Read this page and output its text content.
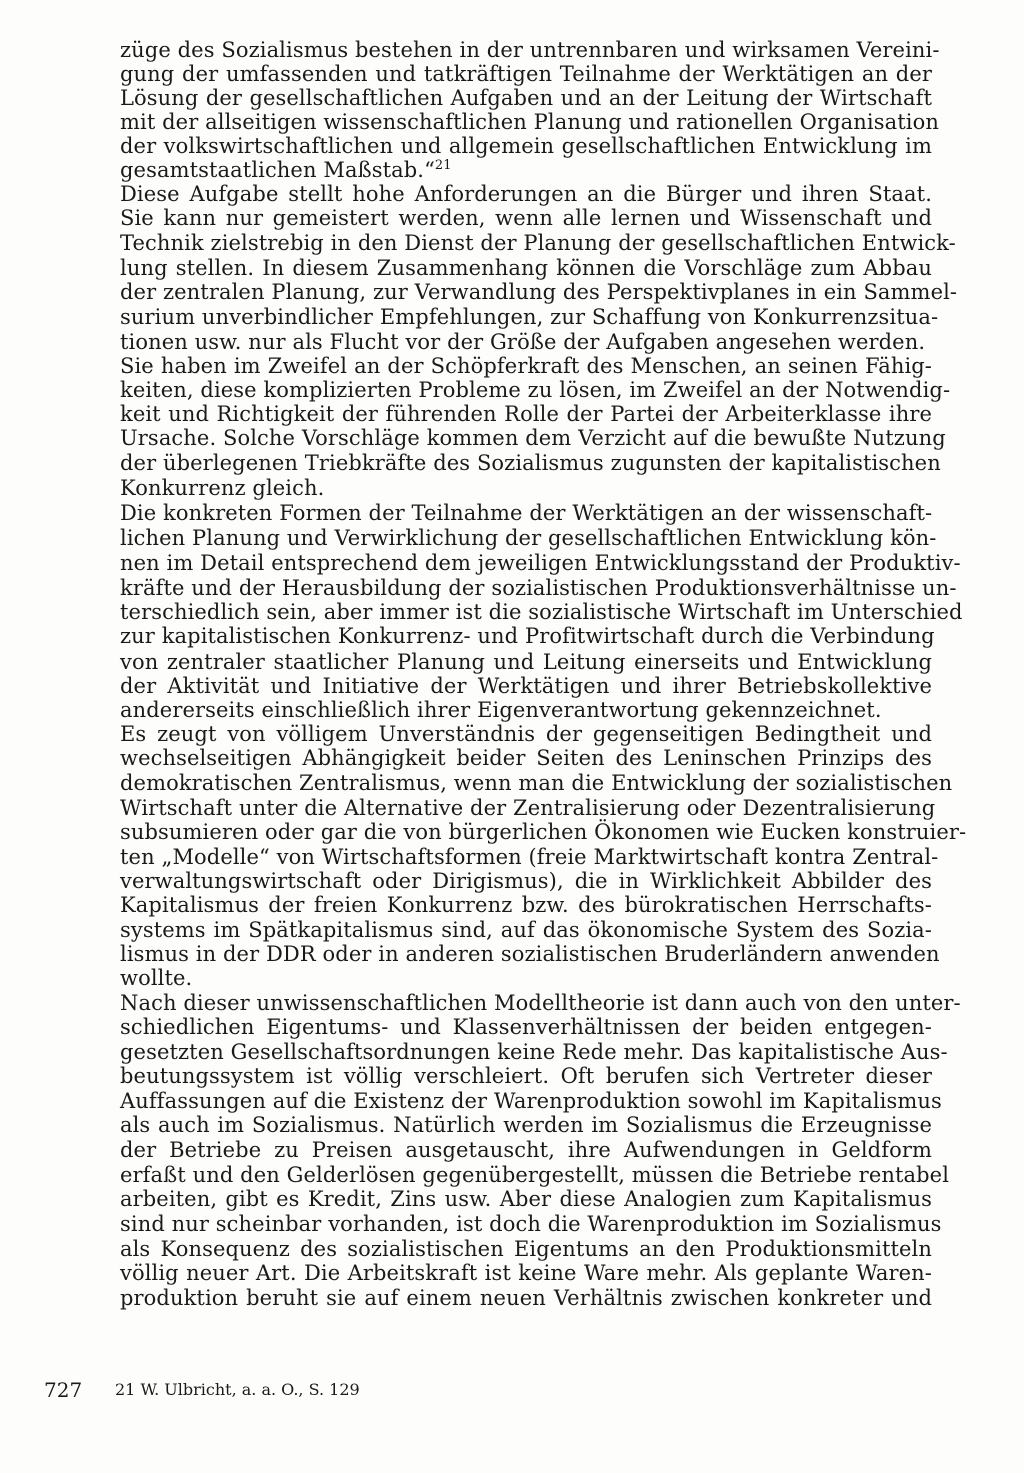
züge des Sozialismus bestehen in der untrennbaren und wirksamen Vereini-
gung der umfassenden und tatkräftigen Teilnahme der Werktätigen an der
Lösung der gesellschaftlichen Aufgaben und an der Leitung der Wirtschaft
mit der allseitigen wissenschaftlichen Planung und rationellen Organisation
der volkswirtschaftlichen und allgemein gesellschaftlichen Entwicklung im
gesamtstaatlichen Maßstab.“$^{21}$
Diese Aufgabe stellt hohe Anforderungen an die Bürger und ihren Staat.
Sie kann nur gemeistert werden, wenn alle lernen und Wissenschaft und
Technik zielstrebig in den Dienst der Planung der gesellschaftlichen Entwick-
lung stellen. In diesem Zusammenhang können die Vorschläge zum Abbau
der zentralen Planung, zur Verwandlung des Perspektivplanes in ein Sammel-
surium unverbindlicher Empfehlungen, zur Schaffung von Konkurrenzsitua-
tionen usw. nur als Flucht vor der Größe der Aufgaben angesehen werden.
Sie haben im Zweifel an der Schöpferkraft des Menschen, an seinen Fähig-
keiten, diese komplizierten Probleme zu lösen, im Zweifel an der Notwendig-
keit und Richtigkeit der führenden Rolle der Partei der Arbeiterklasse ihre
Ursache. Solche Vorschläge kommen dem Verzicht auf die bewußte Nutzung
der überlegenen Triebkräfte des Sozialismus zugunsten der kapitalistischen
Konkurrenz gleich.
Die konkreten Formen der Teilnahme der Werktätigen an der wissenschaft-
lichen Planung und Verwirklichung der gesellschaftlichen Entwicklung kön-
nen im Detail entsprechend dem jeweiligen Entwicklungsstand der Produktiv-
kräfte und der Herausbildung der sozialistischen Produktionsverhältnisse un-
terschiedlich sein, aber immer ist die sozialistische Wirtschaft im Unterschied
zur kapitalistischen Konkurrenz- und Profitwirtschaft durch die Verbindung
von zentraler staatlicher Planung und Leitung einerseits und Entwicklung
der Aktivität und Initiative der Werktätigen und ihrer Betriebskollektive
andererseits einschließlich ihrer Eigenverantwortung gekennzeichnet.
Es zeugt von völligem Unverständnis der gegenseitigen Bedingtheit und
wechselseitigen Abhängigkeit beider Seiten des Leninschen Prinzips des
demokratischen Zentralismus, wenn man die Entwicklung der sozialistischen
Wirtschaft unter die Alternative der Zentralisierung oder Dezentralisierung
subsumieren oder gar die von bürgerlichen Ökonomen wie Eucken konstruier-
ten „Modelle“ von Wirtschaftsformen (freie Marktwirtschaft kontra Zentral-
verwaltungswirtschaft oder Dirigismus), die in Wirklichkeit Abbilder des
Kapitalismus der freien Konkurrenz bzw. des bürokratischen Herrschafts-
systems im Spätkapitalismus sind, auf das ökonomische System des Sozia-
lismus in der DDR oder in anderen sozialistischen Bruderländern anwenden
wollte.
Nach dieser unwissenschaftlichen Modelltheorie ist dann auch von den unter-
schiedlichen Eigentums- und Klassenverhältnissen der beiden entgegen-
gesetzten Gesellschaftsordnungen keine Rede mehr. Das kapitalistische Aus-
beutungssystem ist völlig verschleiert. Oft berufen sich Vertreter dieser
Auffassungen auf die Existenz der Warenproduktion sowohl im Kapitalismus
als auch im Sozialismus. Natürlich werden im Sozialismus die Erzeugnisse
der Betriebe zu Preisen ausgetauscht, ihre Aufwendungen in Geldform
erfaßt und den Gelderlösen gegenübergestellt, müssen die Betriebe rentabel
arbeiten, gibt es Kredit, Zins usw. Aber diese Analogien zum Kapitalismus
sind nur scheinbar vorhanden, ist doch die Warenproduktion im Sozialismus
als Konsequenz des sozialistischen Eigentums an den Produktionsmitteln
völlig neuer Art. Die Arbeitskraft ist keine Ware mehr. Als geplante Waren-
produktion beruht sie auf einem neuen Verhältnis zwischen konkreter und
727 21 W. Ulbricht, a. a. O., S. 129
